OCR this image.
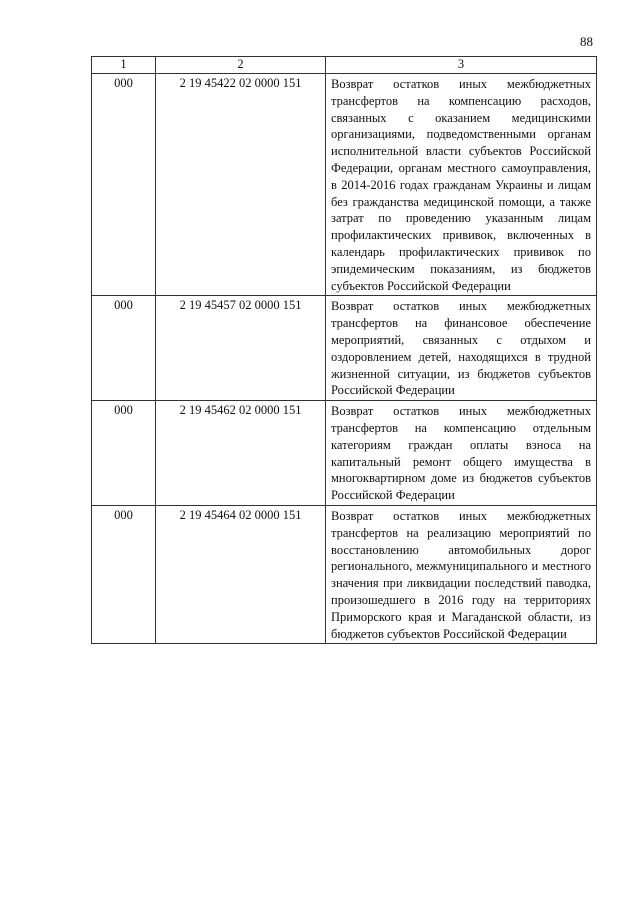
88
1	2	3
000	2 19 45422 02 0000 151	Возврат остатков иных межбюджетных трансфертов на компенсацию расходов, связанных с оказанием медицинскими организациями, подведомственными органам исполнительной власти субъектов Российской Федерации, органам местного самоуправления, в 2014-2016 годах гражданам Украины и лицам без гражданства медицинской помощи, а также затрат по проведению указанным лицам профилактических прививок, включенных в календарь профилактических прививок по эпидемическим показаниям, из бюджетов субъектов Российской Федерации
000	2 19 45457 02 0000 151	Возврат остатков иных межбюджетных трансфертов на финансовое обеспечение мероприятий, связанных с отдыхом и оздоровлением детей, находящихся в трудной жизненной ситуации, из бюджетов субъектов Российской Федерации
000	2 19 45462 02 0000 151	Возврат остатков иных межбюджетных трансфертов на компенсацию отдельным категориям граждан оплаты взноса на капитальный ремонт общего имущества в многоквартирном доме из бюджетов субъектов Российской Федерации
000	2 19 45464 02 0000 151	Возврат остатков иных межбюджетных трансфертов на реализацию мероприятий по восстановлению автомобильных дорог регионального, межмуниципального и местного значения при ликвидации последствий паводка, произошедшего в 2016 году на территориях Приморского края и Магаданской области, из бюджетов субъектов Российской Федерации
